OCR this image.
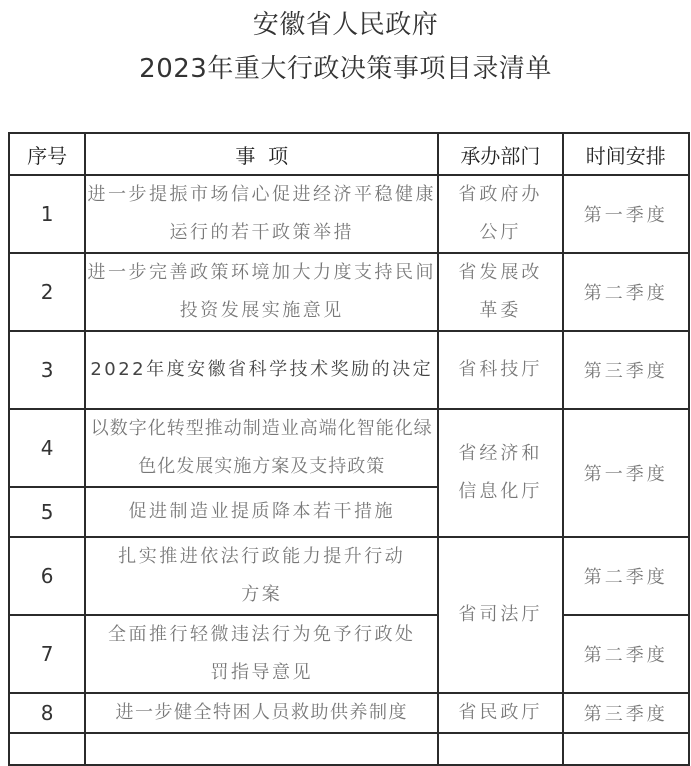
安徽省人民政府
2023年重大行政决策事项目录清单
序号	事  项	承办部门	时间安排
1	进一步提振市场信心促进经济平稳健康运行的若干政策举措	省政府办公厅	第一季度
2	进一步完善政策环境加大力度支持民间投资发展实施意见	省发展改革委	第二季度
3	2022年度安徽省科学技术奖励的决定	省科技厅	第三季度
4	以数字化转型推动制造业高端化智能化绿色化发展实施方案及支持政策	省经济和信息化厅	第一季度
5	促进制造业提质降本若干措施		
6	扎实推进依法行政能力提升行动方案	省司法厅	第二季度
7	全面推行轻微违法行为免予行政处罚指导意见		第二季度
8	进一步健全特困人员救助供养制度	省民政厅	第三季度
